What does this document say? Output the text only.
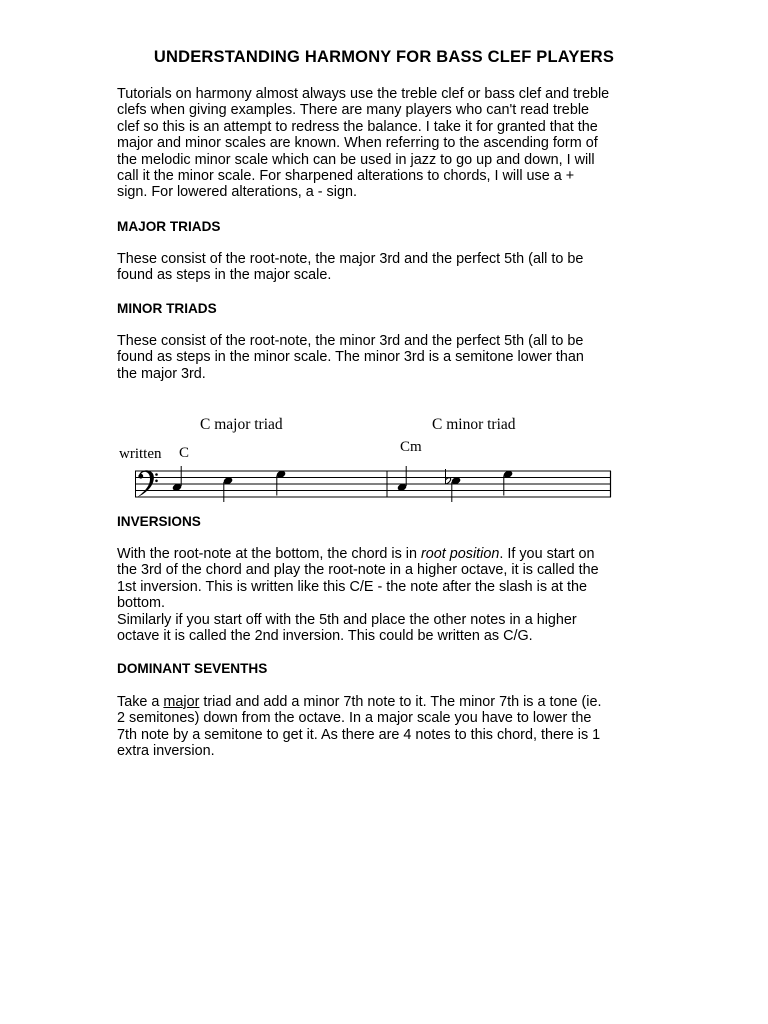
UNDERSTANDING HARMONY FOR BASS CLEF PLAYERS
Tutorials on harmony almost always use the treble clef or bass clef and treble
clefs when giving examples. There are many players who can't read treble
clef so this is an attempt to redress the balance. I take it for granted that the
major and minor scales are known. When referring to the ascending form of
the melodic minor scale which can be used in jazz to go up and down, I will
call it the minor scale. For sharpened alterations to chords, I will use a +
sign. For lowered alterations, a - sign.
MAJOR TRIADS
These consist of the root-note, the major 3rd and the perfect 5th (all to be
found as steps in the major scale.
MINOR TRIADS
These consist of the root-note, the minor 3rd and the perfect 5th (all to be
found as steps in the minor scale. The minor 3rd is a semitone lower than
the major 3rd.
C major triad	C minor triad
Cm
written C
INVERSIONS
With the root-note at the bottom, the chord is in root position. If you start on
the 3rd of the chord and play the root-note in a higher octave, it is called the
1st inversion. This is written like this C/E - the note after the slash is at the
bottom.
Similarly if you start off with the 5th and place the other notes in a higher
octave it is called the 2nd inversion. This could be written as C/G.
DOMINANT SEVENTHS
Take a major triad and add a minor 7th note to it. The minor 7th is a tone (ie.
2 semitones) down from the octave. In a major scale you have to lower the
7th note by a semitone to get it. As there are 4 notes to this chord, there is 1
extra inversion.
